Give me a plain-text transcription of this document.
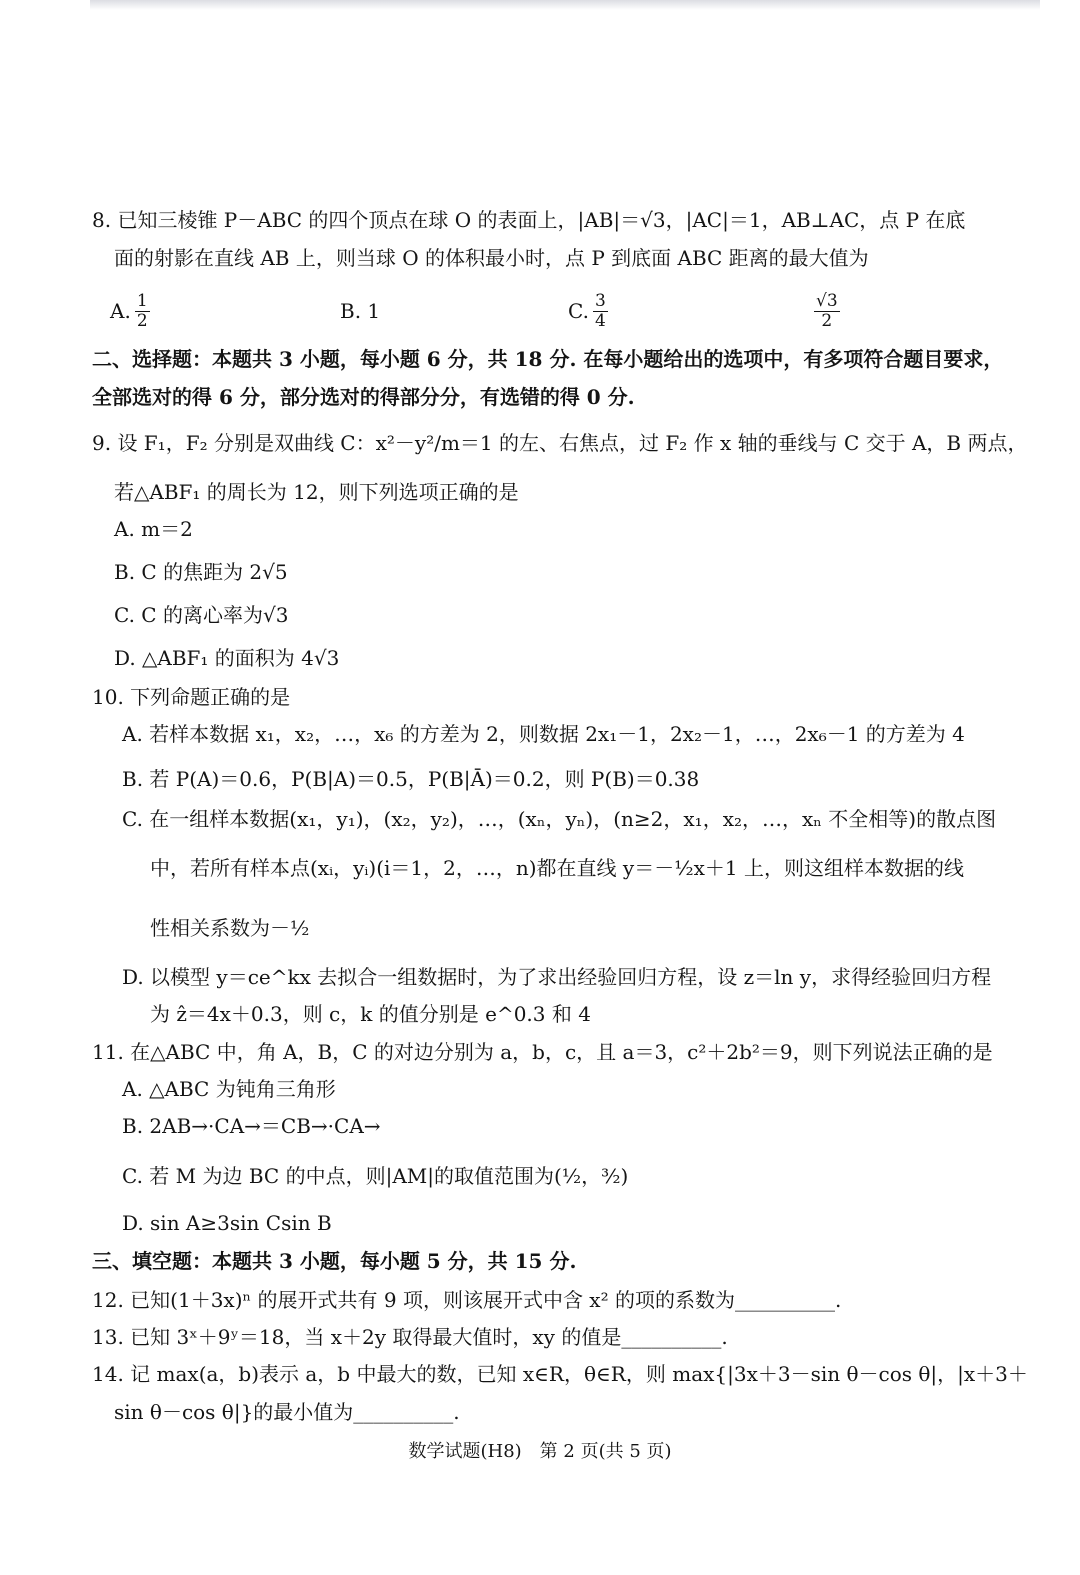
8. 已知三棱锥 P－ABC 的四个顶点在球 O 的表面上，|AB|＝√3，|AC|＝1，AB⊥AC，点 P 在底
面的射影在直线 AB 上，则当球 O 的体积最小时，点 P 到底面 ABC 距离的最大值为
A. $\frac{1}{2}$	B. 1	C. $\frac{3}{4}$	$\frac{√3}{2}$
二、选择题：本题共 3 小题，每小题 6 分，共 18 分. 在每小题给出的选项中，有多项符合题目要求，
全部选对的得 6 分，部分选对的得部分分，有选错的得 0 分.
9. 设 F₁，F₂ 分别是双曲线 C：x²－y²/m＝1 的左、右焦点，过 F₂ 作 x 轴的垂线与 C 交于 A，B 两点，
若△ABF₁ 的周长为 12，则下列选项正确的是
A. m＝2
B. C 的焦距为 2√5
C. C 的离心率为√3
D. △ABF₁ 的面积为 4√3
10. 下列命题正确的是
A. 若样本数据 x₁，x₂，…，x₆ 的方差为 2，则数据 2x₁－1，2x₂－1，…，2x₆－1 的方差为 4
B. 若 P(A)＝0.6，P(B|A)＝0.5，P(B|Ā)＝0.2，则 P(B)＝0.38
C. 在一组样本数据(x₁，y₁)，(x₂，y₂)，…，(xₙ，yₙ)，(n≥2，x₁，x₂，…，xₙ 不全相等)的散点图
中，若所有样本点(xᵢ，yᵢ)(i＝1，2，…，n)都在直线 y＝－½x＋1 上，则这组样本数据的线
性相关系数为－½
D. 以模型 y＝ce^kx 去拟合一组数据时，为了求出经验回归方程，设 z＝ln y，求得经验回归方程
为 ẑ＝4x＋0.3，则 c，k 的值分别是 e^0.3 和 4
11. 在△ABC 中，角 A，B，C 的对边分别为 a，b，c，且 a＝3，c²＋2b²＝9，则下列说法正确的是
A. △ABC 为钝角三角形
B. 2AB→·CA→＝CB→·CA→
C. 若 M 为边 BC 的中点，则|AM|的取值范围为(½，³⁄₂)
D. sin A≥3sin Csin B
三、填空题：本题共 3 小题，每小题 5 分，共 15 分.
12. 已知(1＋3x)ⁿ 的展开式共有 9 项，则该展开式中含 x² 的项的系数为__________.
13. 已知 3ˣ＋9ʸ＝18，当 x＋2y 取得最大值时，xy 的值是__________.
14. 记 max(a，b)表示 a，b 中最大的数，已知 x∈R，θ∈R，则 max{|3x＋3－sin θ－cos θ|，|x＋3＋
sin θ－cos θ|}的最小值为__________.
数学试题(H8)　第 2 页(共 5 页)
